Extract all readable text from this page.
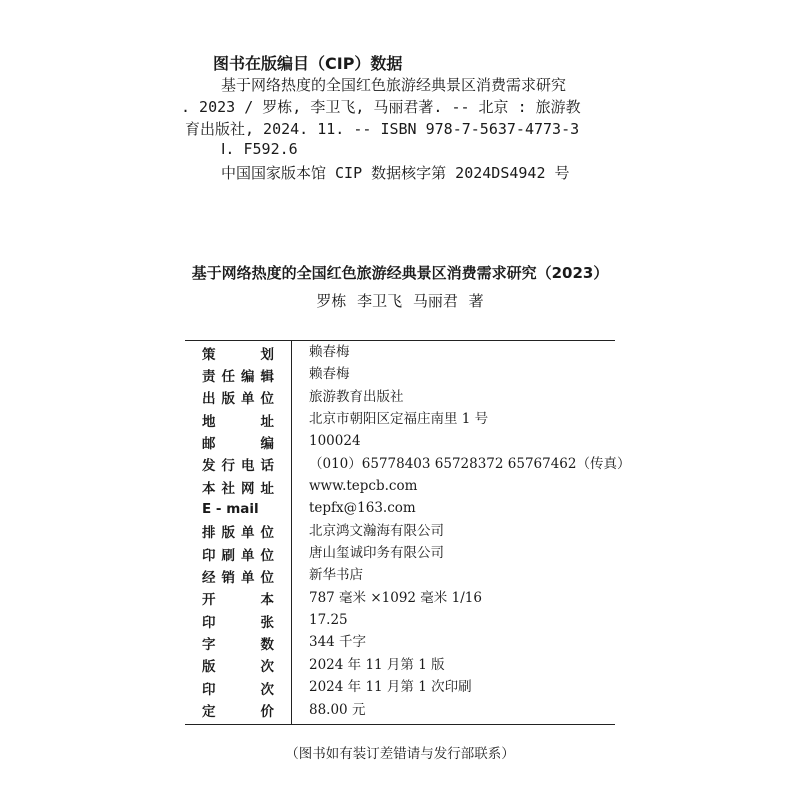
图书在版编目（CIP）数据
基于网络热度的全国红色旅游经典景区消费需求研究
. 2023 / 罗栋, 李卫飞, 马丽君著. -- 北京 : 旅游教
育出版社, 2024. 11. -- ISBN 978-7-5637-4773-3
Ⅰ. F592.6
中国国家版本馆 CIP 数据核字第 2024DS4942 号
基于网络热度的全国红色旅游经典景区消费需求研究（2023）
罗栋 李卫飞 马丽君 著
策	划	赖春梅
责 任 编 辑	赖春梅
出 版 单 位	旅游教育出版社
地	址	北京市朝阳区定福庄南里 1 号
邮	编	100024
发 行 电 话	（010）65778403 65728372 65767462（传真）
本 社 网 址	www.tepcb.com
E - mail	tepfx@163.com
排 版 单 位	北京鸿文瀚海有限公司
印 刷 单 位	唐山玺诚印务有限公司
经 销 单 位	新华书店
开	本	787 毫米 ×1092 毫米 1/16
印	张	17.25
字	数	344 千字
版	次	2024 年 11 月第 1 版
印	次	2024 年 11 月第 1 次印刷
定	价	88.00 元
（图书如有装订差错请与发行部联系）
